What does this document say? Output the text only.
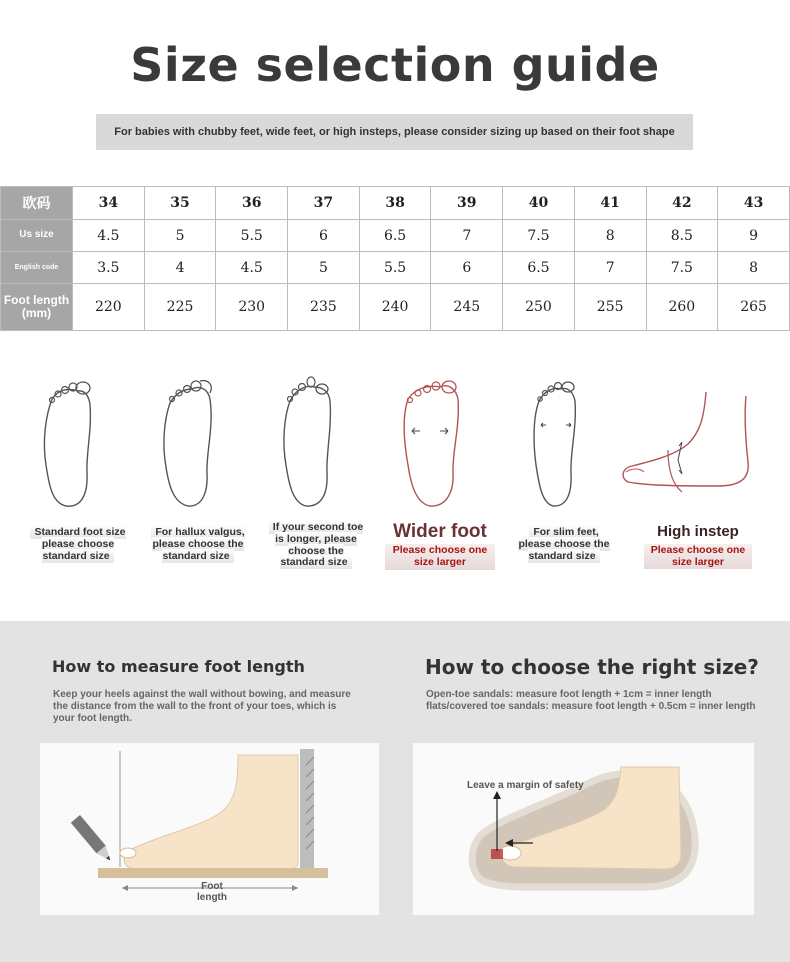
Size selection guide
For babies with chubby feet, wide feet, or high insteps, please consider sizing up based on their foot shape
欧码	34	35	36	37	38	39	40	41	42	43
Us size	4.5	5	5.5	6	6.5	7	7.5	8	8.5	9
English code	3.5	4	4.5	5	5.5	6	6.5	7	7.5	8
Foot length (mm)	220	225	230	235	240	245	250	255	260	265
Standard foot size please choose standard size
For hallux valgus, please choose the standard size
If your second toe is longer, please choose the standard size
Wider foot
Please choose one size larger
For slim feet, please choose the standard size
High instep
Please choose one size larger
How to measure foot length
Keep your heels against the wall without bowing, and measure the distance from the wall to the front of your toes, which is your foot length.
How to choose the right size?
Open-toe sandals: measure foot length + 1cm = inner length
flats/covered toe sandals: measure foot length + 0.5cm = inner length
Foot length
Leave a margin of safety
